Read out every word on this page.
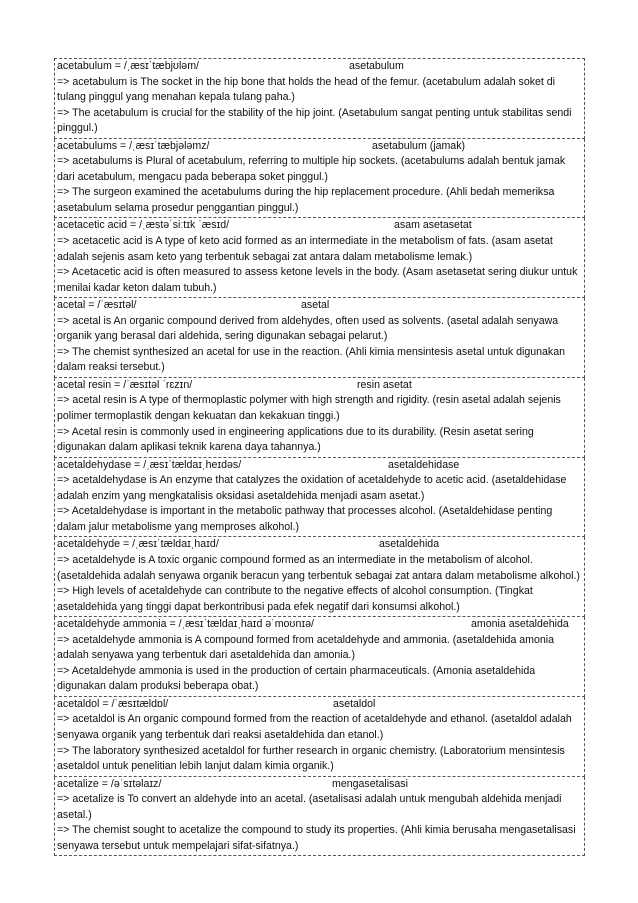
acetabulum = /ˌæsɪˈtæbjʊləm/	asetabulum
=> acetabulum is The socket in the hip bone that holds the head of the femur. (acetabulum adalah soket di tulang pinggul yang menahan kepala tulang paha.)
=> The acetabulum is crucial for the stability of the hip joint. (Asetabulum sangat penting untuk stabilitas sendi pinggul.)
acetabulums = /ˌæsɪˈtæbjələmz/	asetabulum (jamak)
=> acetabulums is Plural of acetabulum, referring to multiple hip sockets. (acetabulums adalah bentuk jamak dari acetabulum, mengacu pada beberapa soket pinggul.)
=> The surgeon examined the acetabulums during the hip replacement procedure. (Ahli bedah memeriksa asetabulum selama prosedur penggantian pinggul.)
acetacetic acid = /ˌæstəˈsiːtɪk ˈæsɪd/	asam asetasetat
=> acetacetic acid is A type of keto acid formed as an intermediate in the metabolism of fats. (asam asetat adalah sejenis asam keto yang terbentuk sebagai zat antara dalam metabolisme lemak.)
=> Acetacetic acid is often measured to assess ketone levels in the body. (Asam asetasetat sering diukur untuk menilai kadar keton dalam tubuh.)
acetal = /ˈæsɪtəl/	asetal
=> acetal is An organic compound derived from aldehydes, often used as solvents. (asetal adalah senyawa organik yang berasal dari aldehida, sering digunakan sebagai pelarut.)
=> The chemist synthesized an acetal for use in the reaction. (Ahli kimia mensintesis asetal untuk digunakan dalam reaksi tersebut.)
acetal resin = /ˈæsɪtəl ˈrɛzɪn/	resin asetat
=> acetal resin is A type of thermoplastic polymer with high strength and rigidity. (resin asetal adalah sejenis polimer termoplastik dengan kekuatan dan kekakuan tinggi.)
=> Acetal resin is commonly used in engineering applications due to its durability. (Resin asetat sering digunakan dalam aplikasi teknik karena daya tahannya.)
acetaldehydase = /ˌæsɪˈtældaɪˌheɪdəs/	asetaldehidase
=> acetaldehydase is An enzyme that catalyzes the oxidation of acetaldehyde to acetic acid. (asetaldehidase adalah enzim yang mengkatalisis oksidasi asetaldehida menjadi asam asetat.)
=> Acetaldehydase is important in the metabolic pathway that processes alcohol. (Asetaldehidase penting dalam jalur metabolisme yang memproses alkohol.)
acetaldehyde = /ˌæsɪˈtældaɪˌhaɪd/	asetaldehida
=> acetaldehyde is A toxic organic compound formed as an intermediate in the metabolism of alcohol. (asetaldehida adalah senyawa organik beracun yang terbentuk sebagai zat antara dalam metabolisme alkohol.)
=> High levels of acetaldehyde can contribute to the negative effects of alcohol consumption. (Tingkat asetaldehida yang tinggi dapat berkontribusi pada efek negatif dari konsumsi alkohol.)
acetaldehyde ammonia = /ˌæsɪˈtældaɪˌhaɪd əˈmoʊnɪə/	amonia asetaldehida
=> acetaldehyde ammonia is A compound formed from acetaldehyde and ammonia. (asetaldehida amonia adalah senyawa yang terbentuk dari asetaldehida dan amonia.)
=> Acetaldehyde ammonia is used in the production of certain pharmaceuticals. (Amonia asetaldehida digunakan dalam produksi beberapa obat.)
acetaldol = /ˈæsɪtældɒl/	asetaldol
=> acetaldol is An organic compound formed from the reaction of acetaldehyde and ethanol. (asetaldol adalah senyawa organik yang terbentuk dari reaksi asetaldehida dan etanol.)
=> The laboratory synthesized acetaldol for further research in organic chemistry. (Laboratorium mensintesis asetaldol untuk penelitian lebih lanjut dalam kimia organik.)
acetalize = /əˈsɪtəlaɪz/	mengasetalisasi
=> acetalize is To convert an aldehyde into an acetal. (asetalisasi adalah untuk mengubah aldehida menjadi asetal.)
=> The chemist sought to acetalize the compound to study its properties. (Ahli kimia berusaha mengasetalisasi senyawa tersebut untuk mempelajari sifat-sifatnya.)
